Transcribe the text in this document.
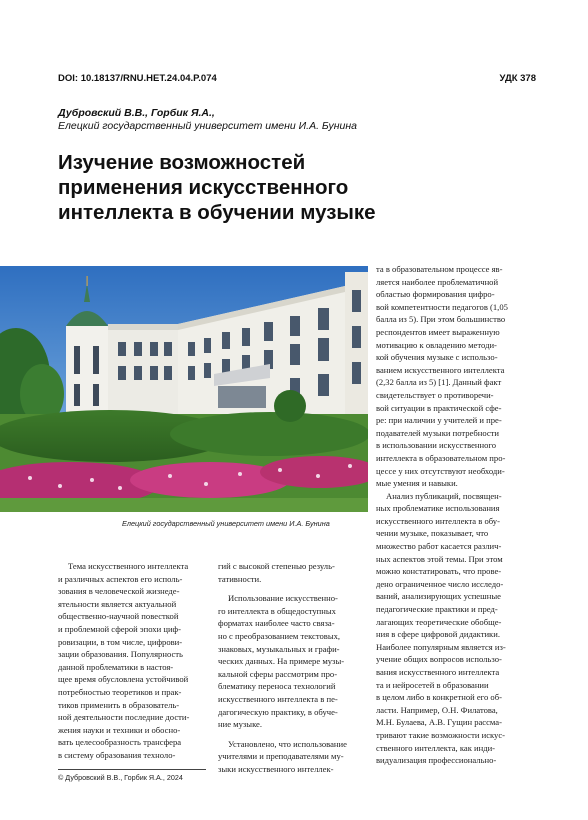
DOI: 10.18137/RNU.HET.24.04.P.074	УДК 378
Дубровский В.В., Горбик Я.А.,
Елецкий государственный университет имени И.А. Бунина
Изучение возможностей
применения искусственного
интеллекта в обучении музыке
Елецкий государственный университет имени И.А. Бунина
Тема искусственного интеллекта
и различных аспектов его исполь-
зования в человеческой жизнеде-
ятельности является актуальной
общественно-научной повесткой
и проблемной сферой эпохи циф-
ровизации, в том числе, цифрови-
зации образования. Популярность
данной проблематики в настоя-
щее время обусловлена устойчивой
потребностью теоретиков и прак-
тиков применить в образователь-
ной деятельности последние дости-
жения науки и техники и обоснo-
вать целесообразность трансфера
в систему образования техноло-
гий с высокой степенью резуль-
тативности.
Использование искусственно-
го интеллекта в общедоступных
форматах наиболее часто связа-
но с преобразованием текстовых,
знаковых, музыкальных и графи-
ческих данных. На примере музы-
кальной сферы рассмотрим про-
блематику переноса технологий
искусственного интеллекта в пе-
дагогическую практику, в обуче-
ние музыке.
Установлено, что использование
учителями и преподавателями му-
зыки искусственного интеллек-
та в образовательном процессе яв-
ляется наиболее проблематичной
областью формирования цифро-
вой компетентности педагогов (1,05
балла из 5). При этом большинство
респондентов имеет выраженную
мотивацию к овладению методи-
кой обучения музыке с использо-
ванием искусственного интеллекта
(2,32 балла из 5) [1]. Данный факт
свидетельствует о противоречи-
вой ситуации в практической сфе-
ре: при наличии у учителей и пре-
подавателей музыки потребности
в использовании искусственного
интеллекта в образовательном про-
цессе у них отсутствуют необходи-
мые умения и навыки.
Анализ публикаций, посвящен-
ных проблематике использования
искусственного интеллекта в обу-
чении музыке, показывает, что
множество работ касается различ-
ных аспектов этой темы. При этом
можно констатировать, что прове-
дено ограниченное число исследо-
ваний, анализирующих успешные
педагогические практики и пред-
лагающих теоретические обобще-
ния в сфере цифровой дидактики.
Наиболее популярным является из-
учение общих вопросов использо-
вания искусственного интеллекта
та и нейросетей в образовании
в целом либо в конкретной его об-
ласти. Например, О.Н. Филатова,
М.Н. Булаева, А.В. Гущин рассма-
тривают такие возможности искус-
ственного интеллекта, как инди-
видуализация профессионально-
© Дубровский В.В., Горбик Я.А., 2024
